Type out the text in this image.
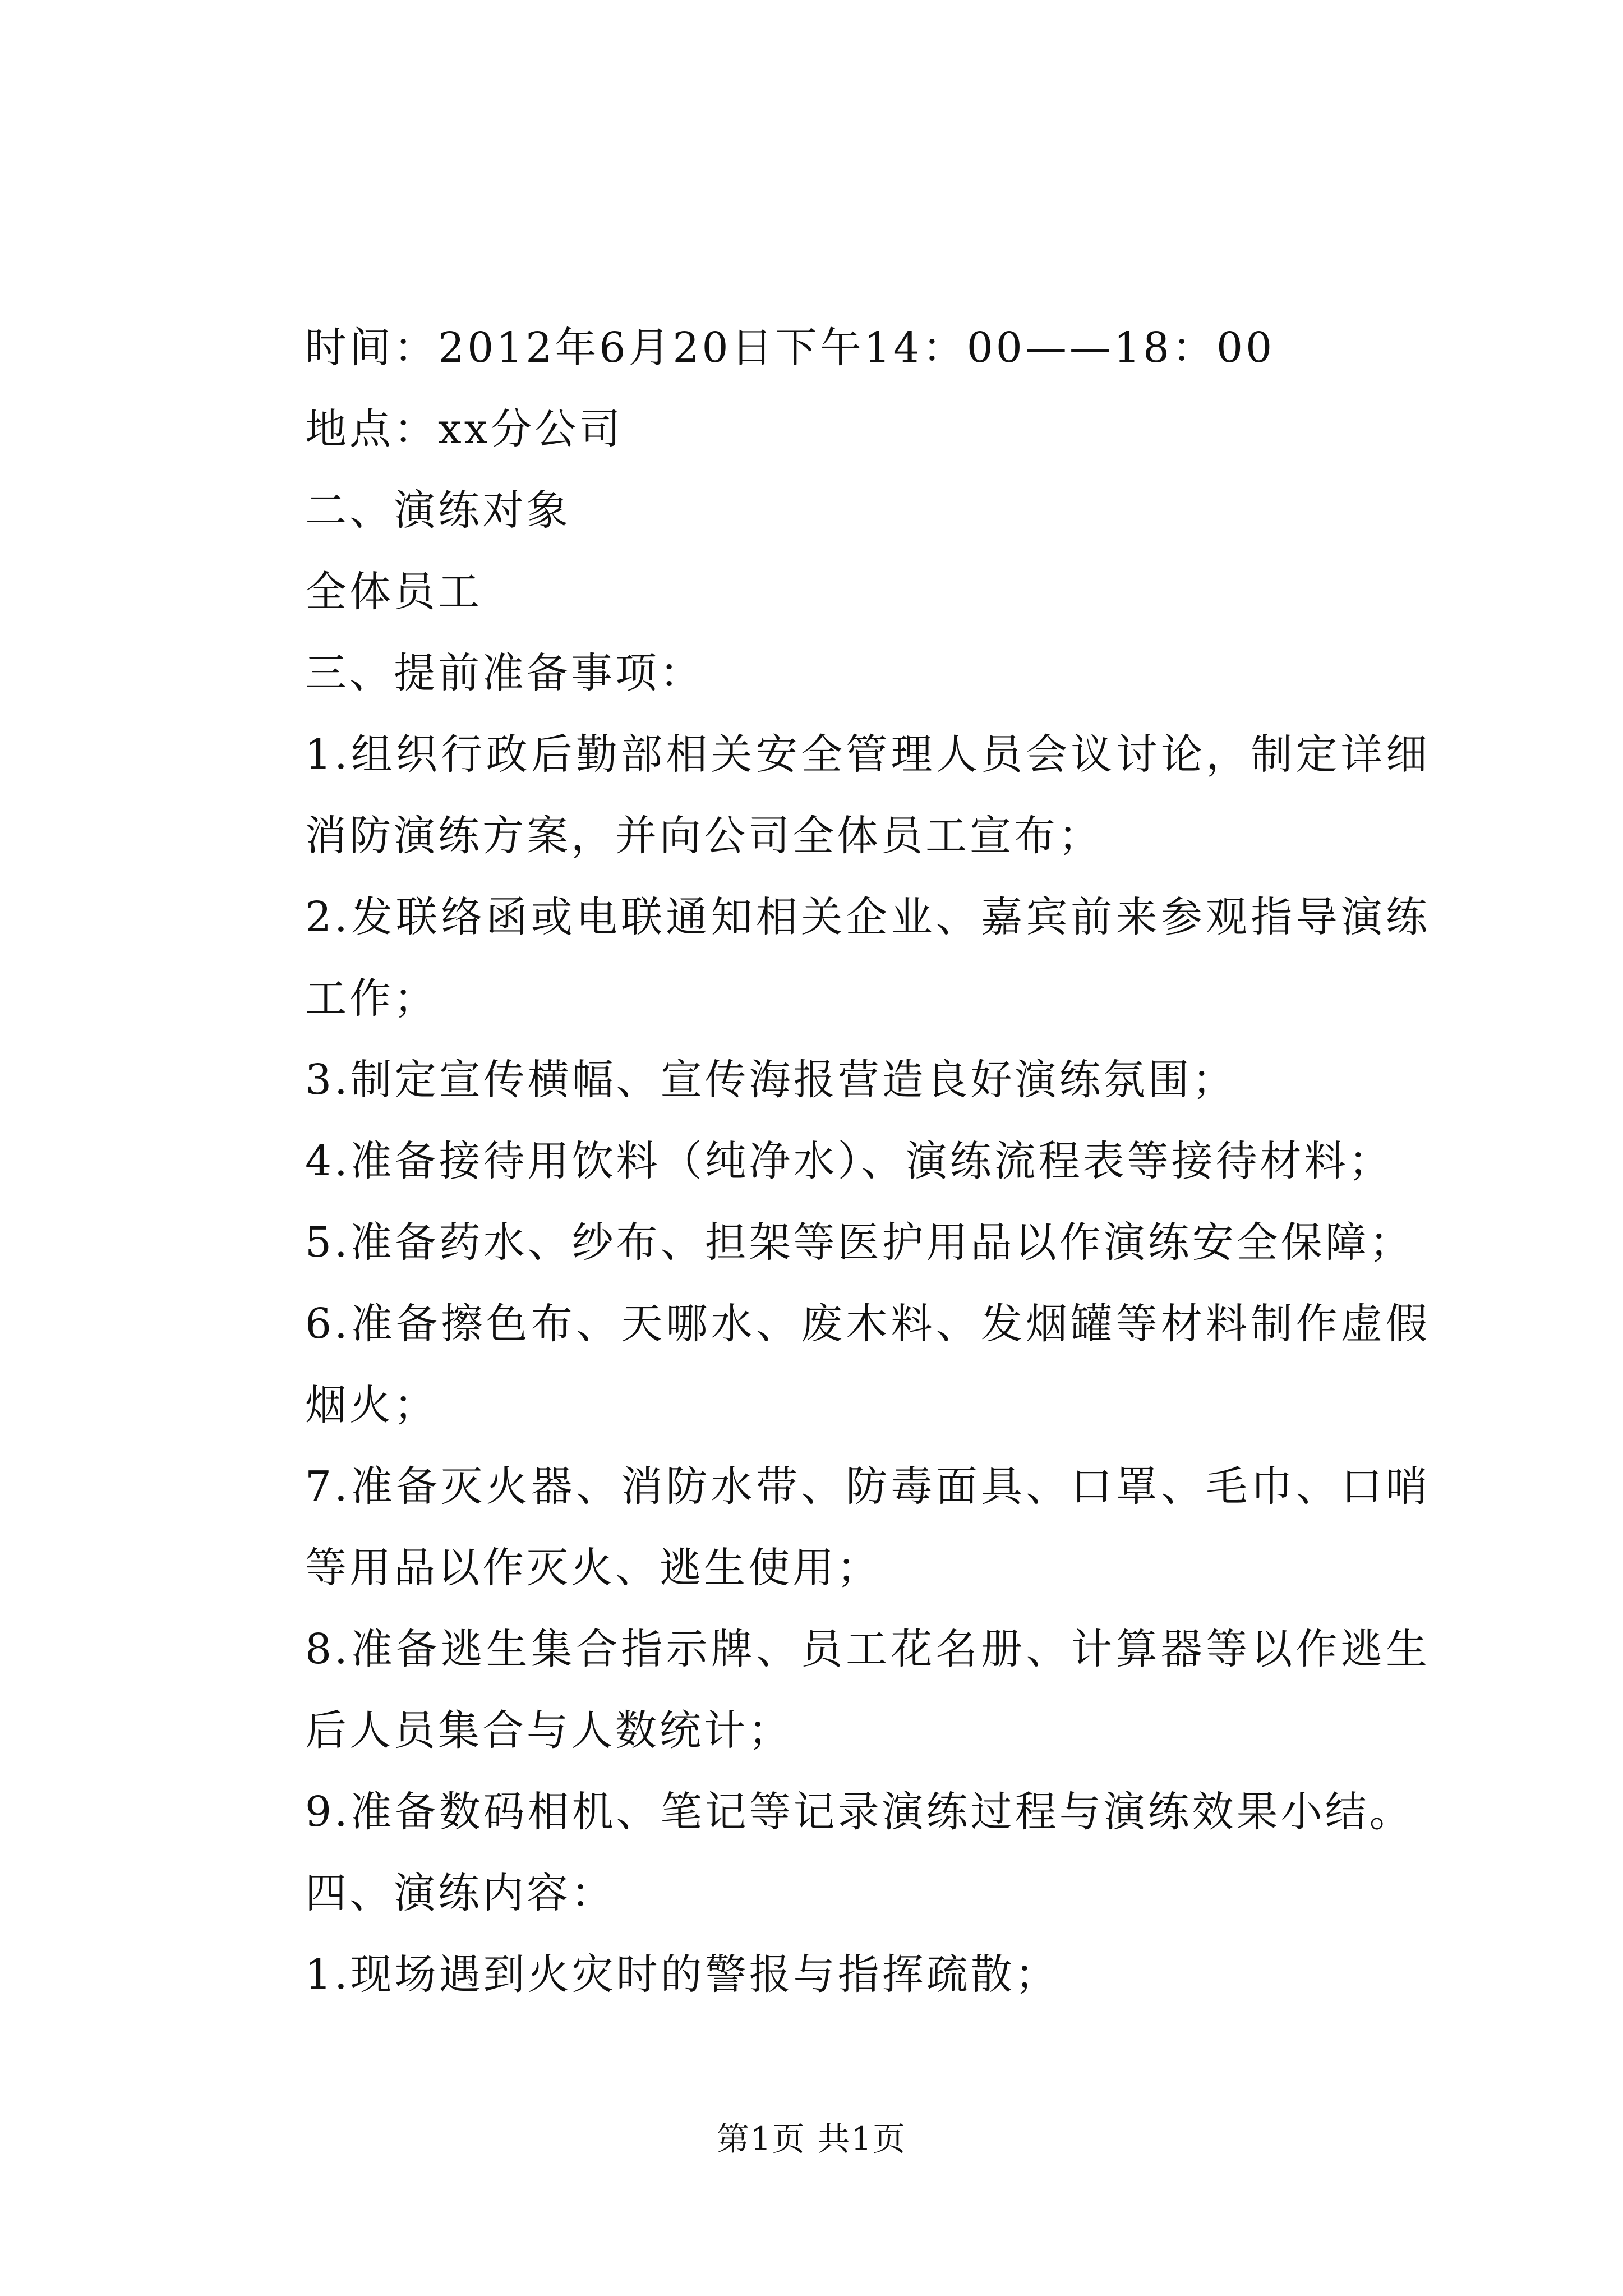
时间：2012年6月20日下午14：00——18：00

地点：xx分公司

二、演练对象

全体员工

三、提前准备事项：

1.组织行政后勤部相关安全管理人员会议讨论，制定详细消防演练方案，并向公司全体员工宣布；

2.发联络函或电联通知相关企业、嘉宾前来参观指导演练工作；

3.制定宣传横幅、宣传海报营造良好演练氛围；

4.准备接待用饮料（纯净水）、演练流程表等接待材料；

5.准备药水、纱布、担架等医护用品以作演练安全保障；

6.准备擦色布、天哪水、废木料、发烟罐等材料制作虚假烟火；

7.准备灭火器、消防水带、防毒面具、口罩、毛巾、口哨等用品以作灭火、逃生使用；

8.准备逃生集合指示牌、员工花名册、计算器等以作逃生后人员集合与人数统计；

9.准备数码相机、笔记等记录演练过程与演练效果小结。

四、演练内容：

1.现场遇到火灾时的警报与指挥疏散；

第1页 共1页
